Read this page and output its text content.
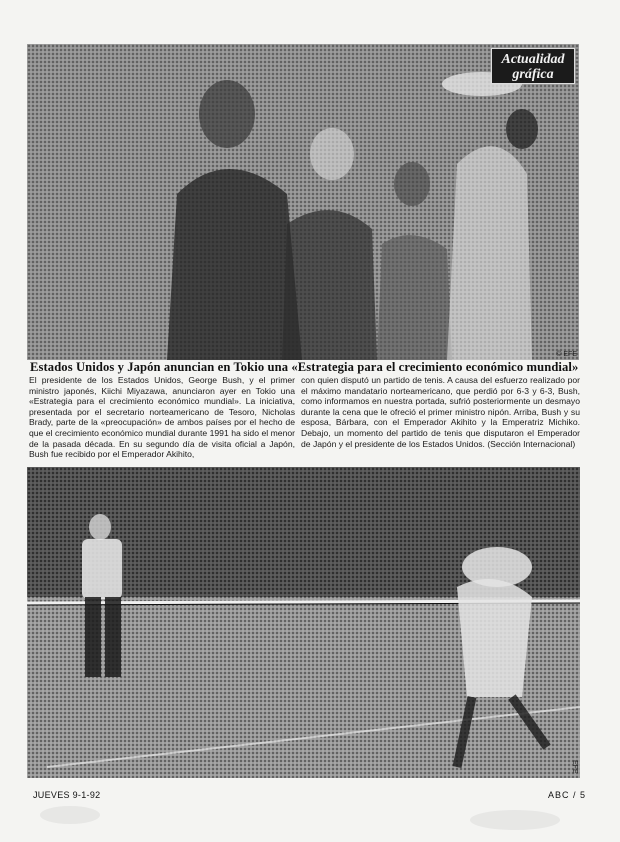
Actualidad
gráfica
© EFE
Estados Unidos y Japón anuncian en Tokio una «Estrategia para el crecimiento económico mundial»
El presidente de los Estados Unidos, George Bush, y el primer ministro japonés, Kiichi Miyazawa, anunciaron ayer en Tokio una «Estrategia para el crecimiento económico mundial». La iniciativa, presentada por el secretario norteamericano de Tesoro, Nicholas Brady, parte de la «preocupación» de ambos países por el hecho de que el crecimiento económico mundial durante 1991 ha sido el menor de la pasada década. En su segundo día de visita oficial a Japón, Bush fue recibido por el Emperador Akihito,
con quien disputó un partido de tenis. A causa del esfuerzo realizado por el máximo mandatario norteamericano, que perdió por 6-3 y 6-3, Bush, como informamos en nuestra portada, sufrió posteriormente un desmayo durante la cena que le ofreció el primer ministro nipón. Arriba, Bush y su esposa, Bárbara, con el Emperador Akihito y la Emperatriz Michiko. Debajo, un momento del partido de tenis que disputaron el Emperador de Japón y el presidente de los Estados Unidos. (Sección Internacional)
EFE
JUEVES 9-1-92	ABC / 5
